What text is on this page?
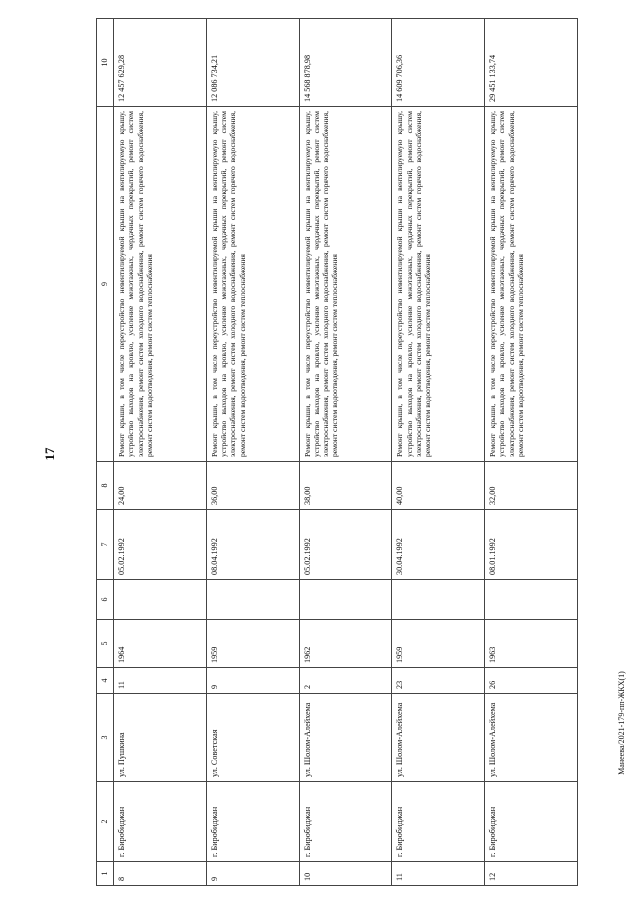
17
1	2	3	4	5	6	7	8	9	10
8	г. Биробиджан	ул. Пушкина	11	1964		05.02.1992	24,00	Ремонт крыши, в том числе переустройство невентилируемой крыши на вентилируемую крышу, устройство выходов на кровлю, усиление межэтажных, чердачных перекрытий, ремонт систем электроснабжения, ремонт систем холодного водоснабжения, ремонт систем горячего водоснабжения, ремонт систем водоотведения, ремонт систем теплоснабжения	12 457 629,28
9	г. Биробиджан	ул. Советская	9	1959		08.04.1992	36,00	Ремонт крыши, в том числе переустройство невентилируемой крыши на вентилируемую крышу, устройство выходов на кровлю, усиление межэтажных, чердачных перекрытий, ремонт систем электроснабжения, ремонт систем холодного водоснабжения, ремонт систем горячего водоснабжения, ремонт систем водоотведения, ремонт систем теплоснабжения	12 086 734,21
10	г. Биробиджан	ул. Шолом-Алейхема	2	1962		05.02.1992	38,00	Ремонт крыши, в том числе переустройство невентилируемой крыши на вентилируемую крышу, устройство выходов на кровлю, усиление межэтажных, чердачных перекрытий, ремонт систем электроснабжения, ремонт систем холодного водоснабжения, ремонт систем горячего водоснабжения, ремонт систем водоотведения, ремонт систем теплоснабжения	14 568 878,98
11	г. Биробиджан	ул. Шолом-Алейхема	23	1959		30.04.1992	40,00	Ремонт крыши, в том числе переустройство невентилируемой крыши на вентилируемую крышу, устройство выходов на кровлю, усиление межэтажных, чердачных перекрытий, ремонт систем электроснабжения, ремонт систем холодного водоснабжения, ремонт систем горячего водоснабжения, ремонт систем водоотведения, ремонт систем теплоснабжения	14 609 706,36
12	г. Биробиджан	ул. Шолом-Алейхема	26	1963		08.01.1992	32,00	Ремонт крыши, в том числе переустройство невентилируемой крыши на вентилируемую крышу, устройство выходов на кровлю, усиление межэтажных, чердачных перекрытий, ремонт систем электроснабжения, ремонт систем холодного водоснабжения, ремонт систем горячего водоснабжения, ремонт систем водоотведения, ремонт систем теплоснабжения	29 451 133,74
Манеева/2021-179-пп-ЖКХ(1)
